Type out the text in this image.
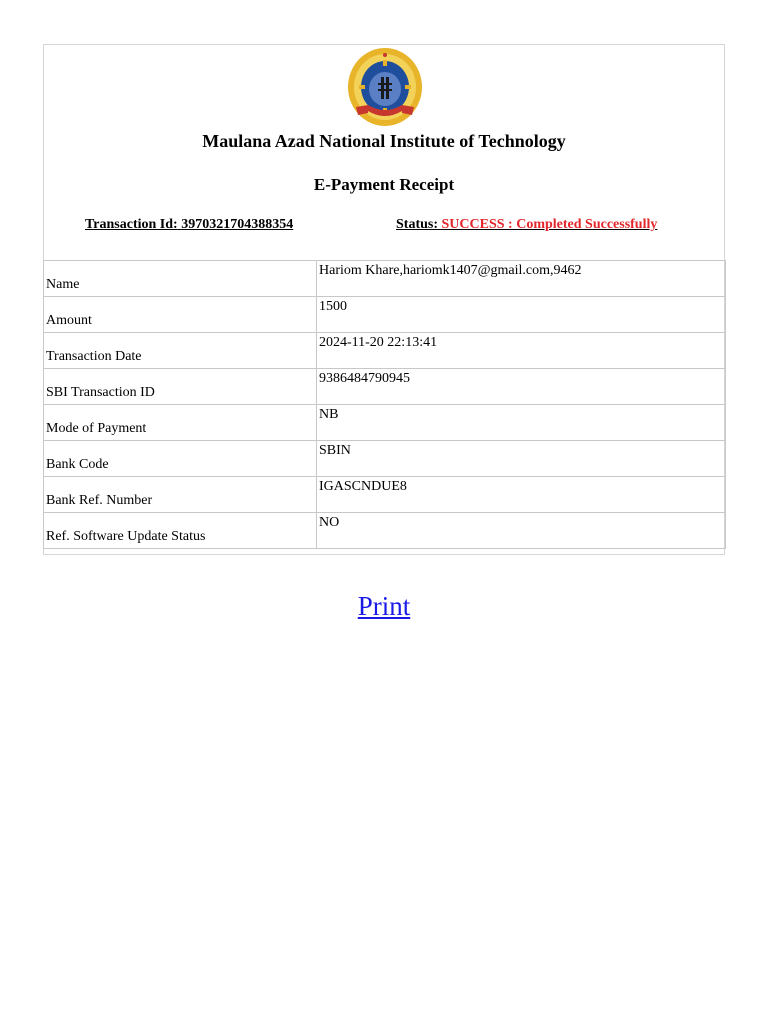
Maulana Azad National Institute of Technology
E-Payment Receipt
Transaction Id: 3970321704388354	Status: SUCCESS : Completed Successfully
Name	Hariom Khare,hariomk1407@gmail.com,9462
Amount	1500
Transaction Date	2024-11-20 22:13:41
SBI Transaction ID	9386484790945
Mode of Payment	NB
Bank Code	SBIN
Bank Ref. Number	IGASCNDUE8
Ref. Software Update Status	NO
Print
